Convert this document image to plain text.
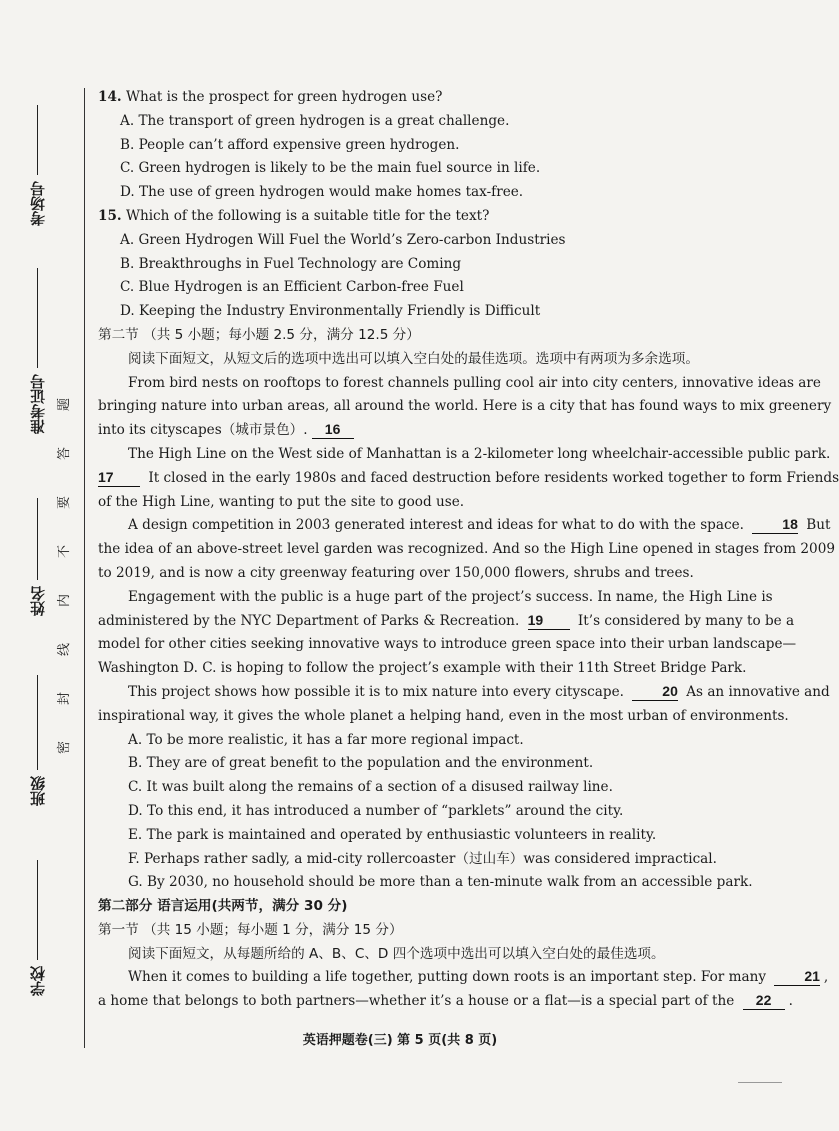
考场号
准考证号
姓名
班级
学校
题
答
要
不
内
线
封
密
14. What is the prospect for green hydrogen use?
A. The transport of green hydrogen is a great challenge.
B. People can’t afford expensive green hydrogen.
C. Green hydrogen is likely to be the main fuel source in life.
D. The use of green hydrogen would make homes tax-free.
15. Which of the following is a suitable title for the text?
A. Green Hydrogen Will Fuel the World’s Zero-carbon Industries
B. Breakthroughs in Fuel Technology are Coming
C. Blue Hydrogen is an Efficient Carbon-free Fuel
D. Keeping the Industry Environmentally Friendly is Difficult
第二节 （共 5 小题；每小题 2.5 分，满分 12.5 分）
阅读下面短文，从短文后的选项中选出可以填入空白处的最佳选项。选项中有两项为多余选项。
From bird nests on rooftops to forest channels pulling cool air into city centers, innovative ideas are
bringing nature into urban areas, all around the world. Here is a city that has found ways to mix greenery
into its cityscapes（城市景色）. 16
The High Line on the West side of Manhattan is a 2-kilometer long wheelchair-accessible public park.
17	It closed in the early 1980s and faced destruction before residents worked together to form Friends
of the High Line, wanting to put the site to good use.
A design competition in 2003 generated interest and ideas for what to do with the space.	18 But
the idea of an above-street level garden was recognized. And so the High Line opened in stages from 2009
to 2019, and is now a city greenway featuring over 150,000 flowers, shrubs and trees.
Engagement with the public is a huge part of the project’s success. In name, the High Line is
administered by the NYC Department of Parks & Recreation. 19	It’s considered by many to be a
model for other cities seeking innovative ways to introduce green space into their urban landscape—
Washington D. C. is hoping to follow the project’s example with their 11th Street Bridge Park.
This project shows how possible it is to mix nature into every cityscape.	20 As an innovative and
inspirational way, it gives the whole planet a helping hand, even in the most urban of environments.
A. To be more realistic, it has a far more regional impact.
B. They are of great benefit to the population and the environment.
C. It was built along the remains of a section of a disused railway line.
D. To this end, it has introduced a number of “parklets” around the city.
E. The park is maintained and operated by enthusiastic volunteers in reality.
F. Perhaps rather sadly, a mid-city rollercoaster（过山车）was considered impractical.
G. By 2030, no household should be more than a ten-minute walk from an accessible park.
第二部分 语言运用(共两节，满分 30 分)
第一节 （共 15 小题；每小题 1 分，满分 15 分）
阅读下面短文，从每题所给的 A、B、C、D 四个选项中选出可以填入空白处的最佳选项。
When it comes to building a life together, putting down roots is an important step. For many	21 ,
a home that belongs to both partners—whether it’s a house or a flat—is a special part of the 22 .
英语押题卷(三) 第 5 页(共 8 页)
